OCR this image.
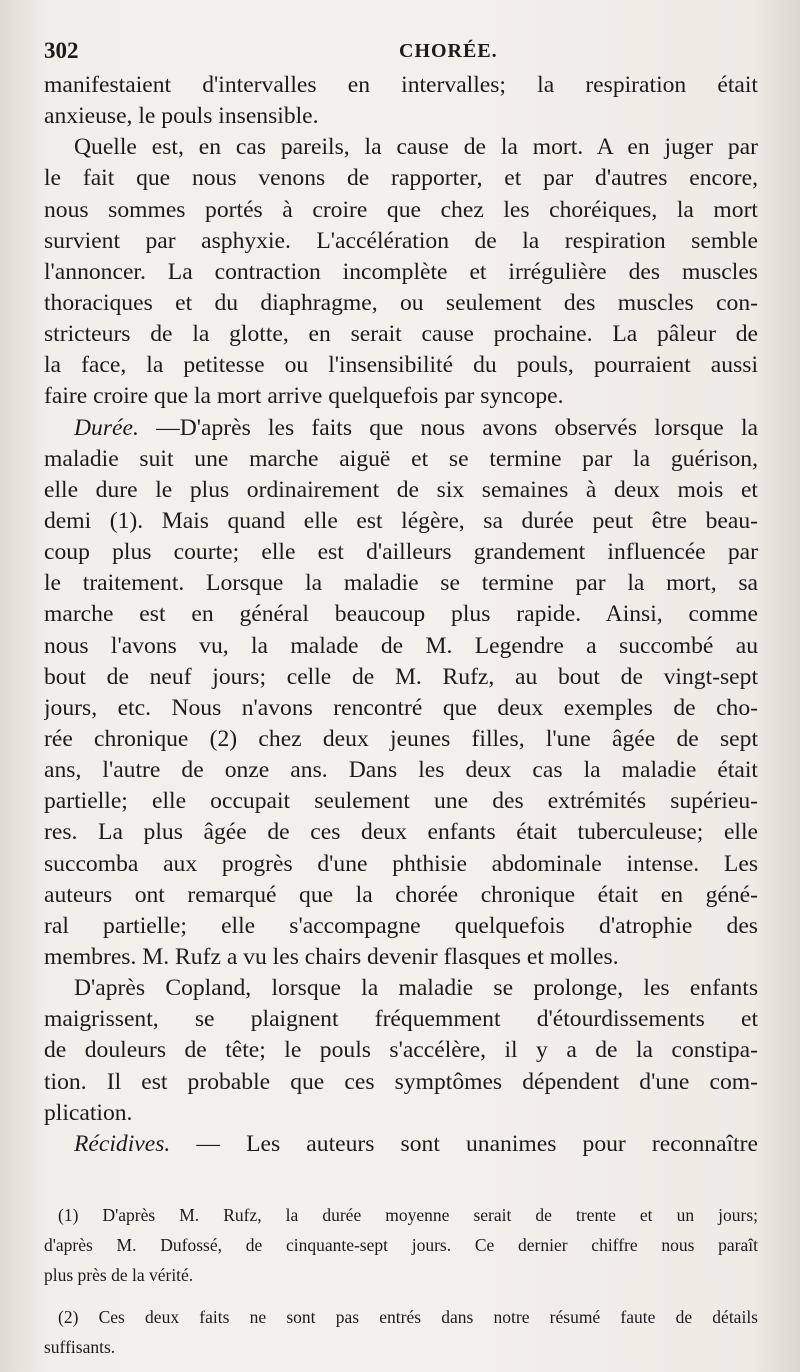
302	CHORÉE.
manifestaient d'intervalles en intervalles; la respiration était
anxieuse, le pouls insensible.
Quelle est, en cas pareils, la cause de la mort. A en juger par
le fait que nous venons de rapporter, et par d'autres encore,
nous sommes portés à croire que chez les choréiques, la mort
survient par asphyxie. L'accélération de la respiration semble
l'annoncer. La contraction incomplète et irrégulière des muscles
thoraciques et du diaphragme, ou seulement des muscles con-
stricteurs de la glotte, en serait cause prochaine. La pâleur de
la face, la petitesse ou l'insensibilité du pouls, pourraient aussi
faire croire que la mort arrive quelquefois par syncope.
Durée. —D'après les faits que nous avons observés lorsque la
maladie suit une marche aiguë et se termine par la guérison,
elle dure le plus ordinairement de six semaines à deux mois et
demi (1). Mais quand elle est légère, sa durée peut être beau-
coup plus courte; elle est d'ailleurs grandement influencée par
le traitement. Lorsque la maladie se termine par la mort, sa
marche est en général beaucoup plus rapide. Ainsi, comme
nous l'avons vu, la malade de M. Legendre a succombé au
bout de neuf jours; celle de M. Rufz, au bout de vingt-sept
jours, etc. Nous n'avons rencontré que deux exemples de cho-
rée chronique (2) chez deux jeunes filles, l'une âgée de sept
ans, l'autre de onze ans. Dans les deux cas la maladie était
partielle; elle occupait seulement une des extrémités supérieu-
res. La plus âgée de ces deux enfants était tuberculeuse; elle
succomba aux progrès d'une phthisie abdominale intense. Les
auteurs ont remarqué que la chorée chronique était en géné-
ral partielle; elle s'accompagne quelquefois d'atrophie des
membres. M. Rufz a vu les chairs devenir flasques et molles.
D'après Copland, lorsque la maladie se prolonge, les enfants
maigrissent, se plaignent fréquemment d'étourdissements et
de douleurs de tête; le pouls s'accélère, il y a de la constipa-
tion. Il est probable que ces symptômes dépendent d'une com-
plication.
Récidives. — Les auteurs sont unanimes pour reconnaître
(1) D'après M. Rufz, la durée moyenne serait de trente et un jours;
d'après M. Dufossé, de cinquante-sept jours. Ce dernier chiffre nous paraît
plus près de la vérité.
(2) Ces deux faits ne sont pas entrés dans notre résumé faute de détails
suffisants.
